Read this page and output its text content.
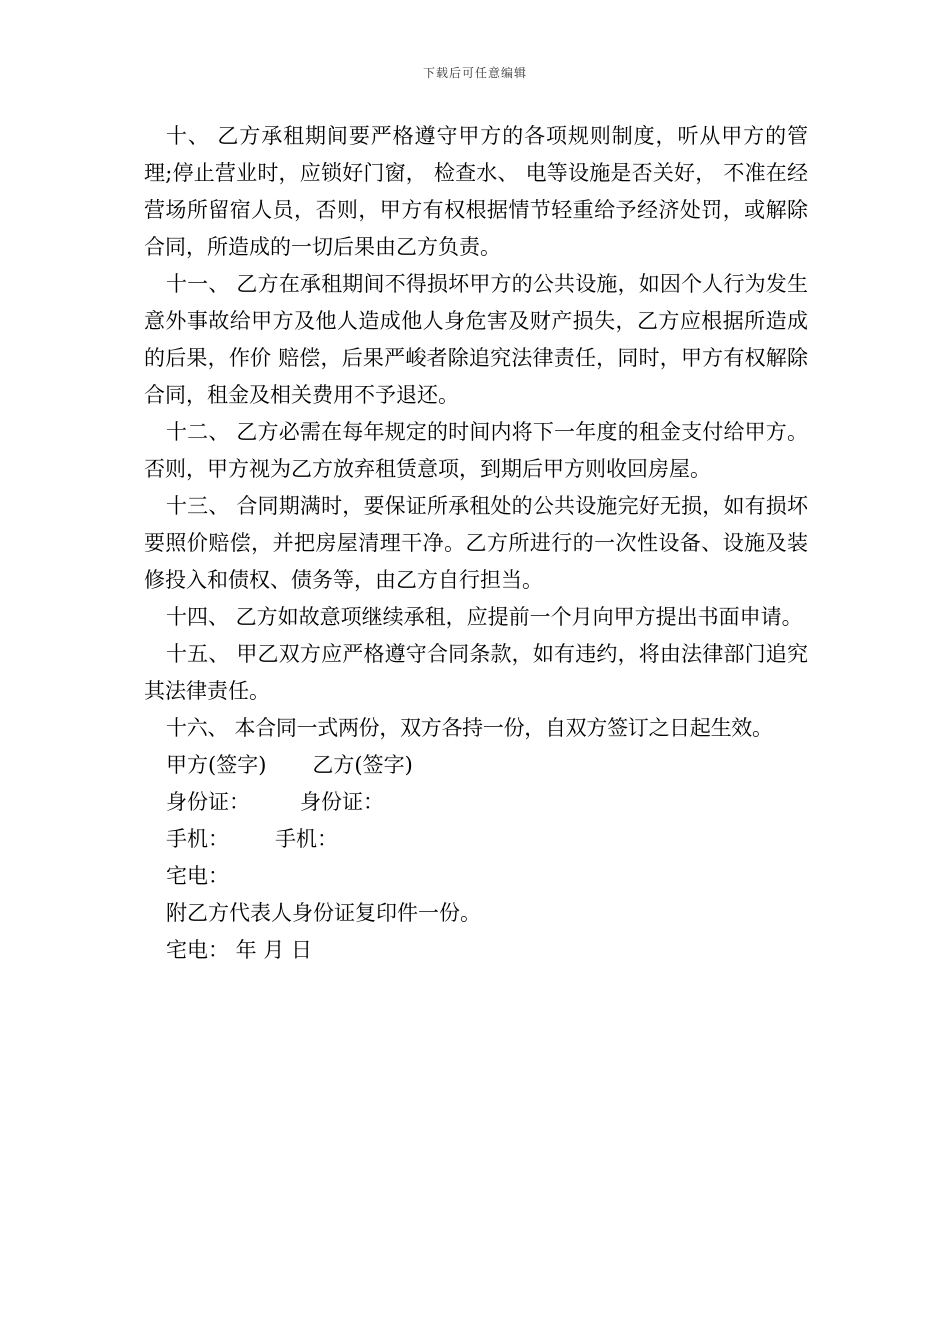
下载后可任意编辑

十、 乙方承租期间要严格遵守甲方的各项规则制度，听从甲方的管理;停止营业时，应锁好门窗， 检查水、 电等设施是否关好， 不准在经营场所留宿人员，否则，甲方有权根据情节轻重给予经济处罚，或解除合同，所造成的一切后果由乙方负责。

十一、 乙方在承租期间不得损坏甲方的公共设施，如因个人行为发生意外事故给甲方及他人造成他人身危害及财产损失，乙方应根据所造成的后果，作价 赔偿，后果严峻者除追究法律责任，同时，甲方有权解除合同，租金及相关费用不予退还。

十二、 乙方必需在每年规定的时间内将下一年度的租金支付给甲方。否则，甲方视为乙方放弃租赁意项，到期后甲方则收回房屋。

十三、 合同期满时，要保证所承租处的公共设施完好无损，如有损坏要照价赔偿，并把房屋清理干净。乙方所进行的一次性设备、设施及装修投入和债权、债务等，由乙方自行担当。

十四、 乙方如故意项继续承租，应提前一个月向甲方提出书面申请。

十五、 甲乙双方应严格遵守合同条款，如有违约，将由法律部门追究其法律责任。

十六、 本合同一式两份，双方各持一份，自双方签订之日起生效。

甲方(签字) 乙方(签字)
身份证： 身份证：
手机： 手机：
宅电：
附乙方代表人身份证复印件一份。
宅电： 年 月 日
